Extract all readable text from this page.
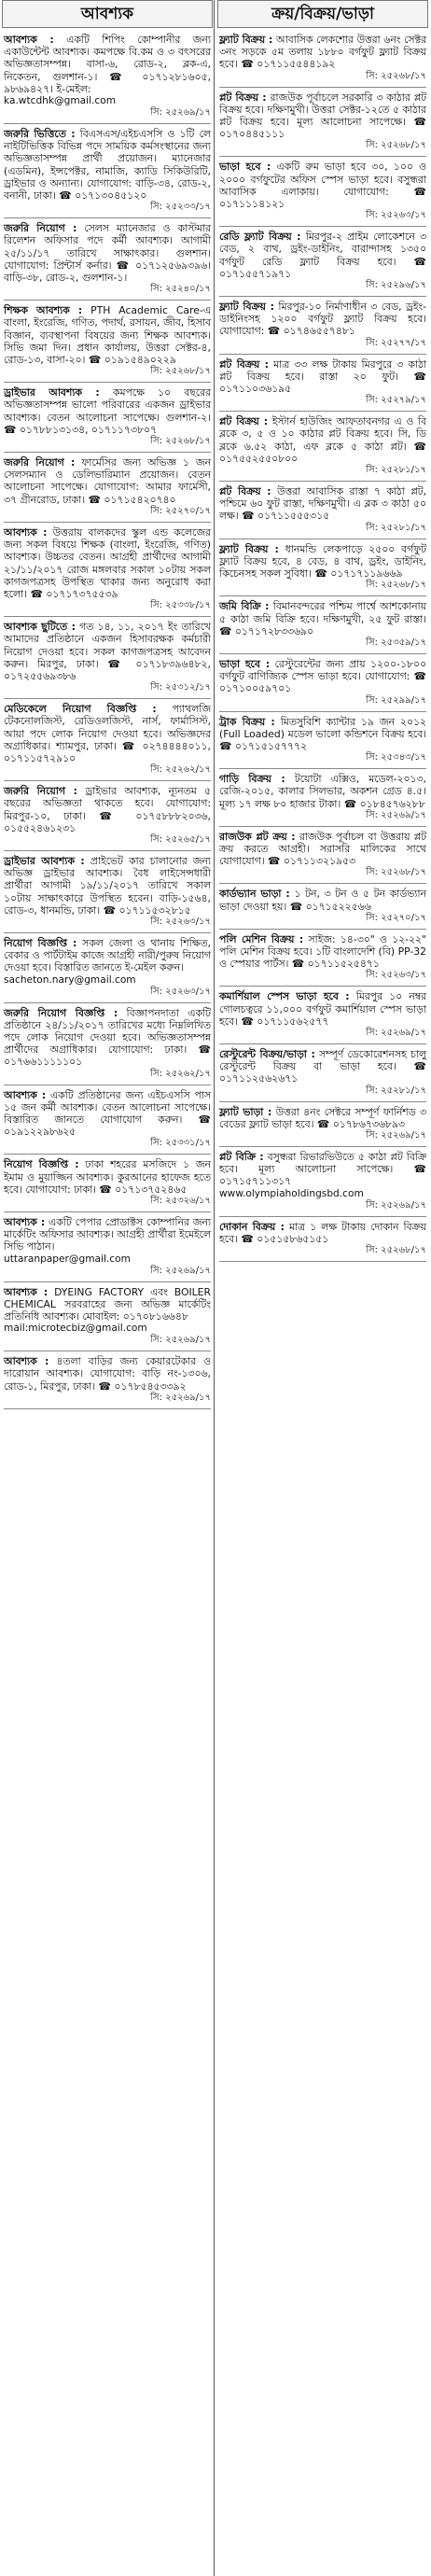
আবশ্যক
আবশ্যক : একটি শিপিং কোম্পানীর জন্য একাউন্টেন্ট আবশ্যক। কমপক্ষে বি.কম ও ৩ বৎসরের অভিজ্ঞতাসম্পন্ন। বাসা-৬, রোড-২, ব্লক-এ, নিকেতন, গুলশান-১। ☎ ০১৭১২৮১৬০৫, ৯৮৬৯৪২৭। ই-মেইল:
ka.wtcdhk@gmail.com
সি: ২৫২৬৯/১৭
জরুরি ভিত্তিতে : বিএসএস/এইচএসসি ও ১টি লে নাইটিভিত্তিক বিভিন্ন পদে সাময়িক কর্মসংস্থানের জন্য অভিজ্ঞতাসম্পন্ন প্রার্থী প্রয়োজন। ম্যানেজার (এডমিন), ইন্সপেক্টর, নামাজি, ক্যাডি সিকিউরিটি, ড্রাইভার ও অন্যান্য। যোগাযোগ: বাড়ি-৩৪, রোড-২, বনানী, ঢাকা। ☎ ০১৭১৩০৪৫১২০
সি: ২৫২৩৩/১৭
জরুরি নিয়োগ : সেলস ম্যানেজার ও কাস্টমার রিলেশন অফিসার পদে কর্মী আবশ্যক। আগামী ২৫/১১/১৭ তারিখে সাক্ষাৎকার। গুলশান। যোগাযোগ: প্রিন্টার্স কর্নার। ☎ ০১৭১২৫৬৯৩৯৬। বাড়ি-৩৮, রোড-২, গুলশান-১।
সি: ২৫২৪০/১৭
শিক্ষক আবশ্যক : PTH Academic Care-এ বাংলা, ইংরেজি, গণিত, পদার্থ, রসায়ন, জীব, হিসাব বিজ্ঞান, ব্যবস্থাপনা বিষয়ের জন্য শিক্ষক আবশ্যক। সিভি জমা দিন। প্রধান কার্যালয়, উত্তরা সেক্টর-৪, রোড-১৩, বাসা-২০। ☎ ০১৯১৫৪৯০২২৯
সি: ২৫২৬৮/১৭
ড্রাইভার আবশ্যক : কমপক্ষে ১০ বছরের অভিজ্ঞতাসম্পন্ন ভালো পরিবারের একজন ড্রাইভার আবশ্যক। বেতন আলোচনা সাপেক্ষে। গুলশান-২। ☎ ০১৭৮৮১৩১৩৪, ০১৭১১৭৩৮০৭
সি: ২৫২৬৮/১৭
জরুরি নিয়োগ : ফার্মেসির জন্য অভিজ্ঞ ১ জন সেলসম্যান ও ডেলিভারিম্যান প্রয়োজন। বেতন আলোচনা সাপেক্ষে। যোগাযোগ: আমার ফার্মেসী, ৩৭ গ্রীনরোড, ঢাকা। ☎ ০১৭১৫৪২০৭৪০
সি: ২৫২৭০/১৭
আবশ্যক : উত্তরায় বালকদের স্কুল এন্ড কলেজের জন্য সকল বিষয়ে শিক্ষক (বাংলা, ইংরেজি, গণিত) আবশ্যক। উচ্চতর বেতন। আগ্রহী প্রার্থীদের আগামী ২১/১১/২০১৭ রোজ মঙ্গলবার সকাল ১০টায় সকল কাগজপত্রসহ উপস্থিত থাকার জন্য অনুরোধ করা হলো। ☎ ০১৭১৭৩৭৫৫৩৯
সি: ২৫৩৩৮/১৭
আবশ্যক ছুটিতে : গত ১৪, ১১, ২০১৭ ইং তারিখে আমাদের প্রতিষ্ঠানে একজন হিসাবরক্ষক কর্মচারী নিয়োগ দেওয়া হবে। সকল কাগজপত্রসহ আবেদন করুন। মিরপুর, ঢাকা। ☎ ০১৭১৮৩৯৬৪৮২, ০১৭২৫৫৬৯৩৮৬
সি: ২৫৩১২/১৭
মেডিকেলে নিয়োগ বিজ্ঞপ্তি : প্যাথলজি টেকনোলজিস্ট, রেডিওলজিস্ট, নার্স, ফার্মাসিস্ট, আয়া পদে লোক নিয়োগ দেওয়া হবে। অভিজ্ঞদের অগ্রাধিকার। শ্যামপুর, ঢাকা। ☎ ০২৭৪৪৪৪০১১, ০১৭১১৫৭২৯১০
সি: ২৫২৬২/১৭
জরুরি নিয়োগ : ড্রাইভার আবশ্যক, ন্যূনতম ৫ বছরের অভিজ্ঞতা থাকতে হবে। যোগাযোগ: মিরপুর-১০, ঢাকা। ☎ ০১৭৫৮৮৮২০৩৬, ০১৫৫২৪৬১২৩১
সি: ২৫২৬৫/১৭
ড্রাইভার আবশ্যক : প্রাইভেট কার চালানোর জন্য অভিজ্ঞ ড্রাইভার আবশ্যক। বৈধ লাইসেন্সধারী প্রার্থীরা আগামী ১৯/১১/২০১৭ তারিখে সকাল ১০টায় সাক্ষাৎকারে উপস্থিত হবেন। বাড়ি-১৫৬৪, রোড-৩, ধানমন্ডি, ঢাকা। ☎ ০১৭১১৫৩২৮১৫
সি: ২৫২৬৩/১৭
নিয়োগ বিজ্ঞপ্তি : সকল জেলা ও থানায় শিক্ষিত, বেকার ও পার্টটাইম কাজে আগ্রহী নারী/পুরুষ নিয়োগ দেওয়া হবে। বিস্তারিত জানতে ই-মেইল করুন।
sacheton.nary@gmail.com
সি: ২৫২৬৩/১৭
জরুরি নিয়োগ বিজ্ঞপ্তি : বিজ্ঞাপনদাতা একটি প্রতিষ্ঠানে ২৪/১১/২০১৭ তারিখের মধ্যে নিম্নলিখিত পদে লোক নিয়োগ দেওয়া হবে। অভিজ্ঞতাসম্পন্ন প্রার্থীদের অগ্রাধিকার। যোগাযোগ: ঢাকা। ☎ ০১৭৬৬১১১১১০১
সি: ২৫২৬২/১৭
আবশ্যক : একটি প্রতিষ্ঠানের জন্য এইচএসসি পাস ১৫ জন কর্মী আবশ্যক। বেতন আলোচনা সাপেক্ষে। বিস্তারিত জানতে যোগাযোগ করুন। ☎ ০১৯১২২৯৮৬২৫
সি: ২৫৩৩১/১৭
নিয়োগ বিজ্ঞপ্তি : ঢাকা শহরের মসজিদে ১ জন ইমাম ও মুয়াজ্জিন আবশ্যক। কুরআনের হাফেজ হতে হবে। যোগাযোগ: ঢাকা। ☎ ০১৭১৩৭৫২৪৬৫
সি: ২৫৩২৬/১৭
আবশ্যক : একটি পেপার প্রোডাক্টস কোম্পানির জন্য মার্কেটিং অফিসার আবশ্যক। আগ্রহী প্রার্থীরা ইমেইলে সিভি পাঠান।
uttaranpaper@gmail.com
সি: ২৫২৬৯/১৭
আবশ্যক : DYEING FACTORY এবং BOILER CHEMICAL সরবরাহের জন্য অভিজ্ঞ মার্কেটিং প্রতিনিধি আবশ্যক। মোবাইল: ০১৭০৮১৬৬৪৮
mail:microtecbiz@gmail.com
সি: ২৫২৬৯/১৭
আবশ্যক : ৪তলা বাড়ির জন্য কেয়ারটেকার ও দারোয়ান আবশ্যক। যোগাযোগ: বাড়ি নং-১৩০৬, রোড-১, মিরপুর, ঢাকা। ☎ ০১৭৮৫৪৫৩৩৯২
সি: ২৫২৬৯/১৭
ক্রয়/বিক্রয়/ভাড়া
ফ্ল্যাট বিক্রয় : আবাসিক লেকশোর উত্তরা ৬নং সেক্টর ৩নং সড়কে ৫ম তলায় ১৮৮০ বর্গফুট ফ্ল্যাট বিক্রয় হবে। ☎ ০১৭১১৫৫৪৪১৯২
সি: ২৫২৬৮/১৭
প্লট বিক্রয় : রাজউক পূর্বাচলে সরকারি ৩ কাঠার প্লট বিক্রয় হবে। দক্ষিণমুখী। উত্তরা সেক্টর-১২তে ৫ কাঠার প্লট বিক্রয় হবে। মূল্য আলোচনা সাপেক্ষে। ☎ ০১৭০৪৪৫১১১
সি: ২৫২৬৮/১৭
ভাড়া হবে : একটি রুম ভাড়া হবে ৩০, ১০০ ও ২০০০ বর্গফুটের অফিস স্পেস ভাড়া হবে। বসুন্ধরা আবাসিক এলাকায়। যোগাযোগ: ☎ ০১৭১১১৪১২১
সি: ২৫২৬৩/১৭
রেডি ফ্ল্যাট বিক্রয় : মিরপুর-২ প্রাইম লোকেশনে ৩ বেড, ২ বাথ, ড্রইং-ডাইনিং, বারান্দাসহ ১৩৫০ বর্গফুট রেডি ফ্ল্যাট বিক্রয় হবে। ☎ ০১৭১৫৫৭১৯৭১
সি: ২৫২৯৬/১৭
ফ্ল্যাট বিক্রয় : মিরপুর-১০ নির্মাণাধীন ৩ বেড, ড্রইং-ডাইনিংসহ ১২০০ বর্গফুট ফ্ল্যাট বিক্রয় হবে। যোগাযোগ: ☎ ০১৭৪৬৫৫৭৪৮১
সি: ২৫২৭৭/১৭
প্লট বিক্রয় : মাত্র ৩৩ লক্ষ টাকায় মিরপুরে ৩ কাঠা প্লট বিক্রয় হবে। রাস্তা ২০ ফুট। ☎ ০১৭১১০৩৬১৯৫
সি: ২৫২৭৯/১৭
প্লট বিক্রয় : ইস্টার্ন হাউজিং আফতাবনগর এ ও বি ব্লকে ৩, ৫ ও ১০ কাঠার প্লট বিক্রয় হবে। সি, ডি ব্লকে ৬.৫২ কাঠা, এফ ব্লকে ৫ কাঠা প্লট। ☎ ০১৭৫৫২৫৫০৮০০
সি: ২৫২৮১/১৭
প্লট বিক্রয় : উত্তরা আবাসিক রাস্তা ৭ কাঠা প্লট, পশ্চিমে ৬০ ফুট রাস্তা, দক্ষিণমুখী। এ ব্লক ৩ কাঠা ৫০ লক্ষ। ☎ ০১৭১১৫৫৫৩১৫
সি: ২৫২৮১/১৭
ফ্ল্যাট বিক্রয় : ধানমন্ডি লেকপাড়ে ২৫০০ বর্গফুট ফ্ল্যাট বিক্রয় হবে, ৪ বেড, ৪ বাথ, ড্রইং, ডাইনিং, কিচেনসহ সকল সুবিধা। ☎ ০১৭১৭১১৯৬৬৯
সি: ২৫২৬৮/১৭
জমি বিক্রি : বিমানবন্দরের পশ্চিম পার্শ্বে আশকোনায় ৫ কাঠা জমি বিক্রি হবে। দক্ষিণমুখী, ২৫ ফুট রাস্তা। ☎ ০১৭১৭২৮৩৩৬৯০
সি: ২৫৩৫৯/১৭
ভাড়া হবে : রেস্টুরেন্টের জন্য প্রায় ১২০০-১৮০০ বর্গফুট বাণিজ্যিক স্পেস ভাড়া হবে। যোগাযোগ: ☎ ০১৭১০০৫৯৭০১
সি: ২৫২৯৯/১৭
ট্রাক বিক্রয় : মিতসুবিশি ক্যান্টার ১৯ জন ২০১২ (Full Loaded) মডেল ভালো কন্ডিশনে বিক্রয় হবে। ☎ ০১৭১৫১৫৭৭৭২
সি: ২৫৩৪৩/১৭
গাড়ি বিক্রয় : টয়োটা এক্সিও, মডেল-২০১৩, রেজি-২০১৫, কালার সিলভার, অকশন গ্রেড ৪.৫। মূল্য ১৭ লক্ষ ৮০ হাজার টাকা। ☎ ০১৮৪৫৭৬২৮৮
সি: ২৫২৬৯/১৭
রাজউক প্লট ক্রয় : রাজউক পূর্বাচল বা উত্তরায় প্লট ক্রয় করতে আগ্রহী। সরাসরি মালিকের সাথে যোগাযোগ। ☎ ০১৭১১৩২১৯৫৩
সি: ২৫২৬৮/১৭
কার্ডভ্যান ভাড়া : ১ টন, ৩ টন ও ৫ টন কার্ডভ্যান ভাড়া দেওয়া হয়। ☎ ০১৭১৫২২৫৬৬
সি: ২৫২৭০/১৭
পলি মেশিন বিক্রয় : সাইজ: ১৪-৩০" ও ১২-২২" পলি মেশিন বিক্রয় হবে। ১টি বাংলাদেশি (বি) PP-32 ও স্পেয়ার পার্টস। ☎ ০১৭১১৫২৫৪৭১
সি: ২৫২৬৩/১৭
কমার্শিয়াল স্পেস ভাড়া হবে : মিরপুর ১০ নম্বর গোলচত্বরে ১১,০০০ বর্গফুট কমার্শিয়াল স্পেস ভাড়া হবে। ☎ ০১৭১১৫৬২৫৭৭
সি: ২৫২৬৯/১৭
রেস্টুরেন্ট বিক্রয়/ভাড়া : সম্পূর্ণ ডেকোরেশনসহ চালু রেস্টুরেন্ট বিক্রয় বা ভাড়া হবে। ☎ ০১৭১১২৫৬২৬৭১
সি: ২৫২৮১/১৭
ফ্ল্যাট ভাড়া : উত্তরা ৪নং সেক্টরে সম্পূর্ণ ফার্নিশড ৩ বেডের ফ্ল্যাট ভাড়া হবে। ☎ ০১৭৮৬৭৩৬৮৯৩
সি: ২৫২৬৯/১৭
প্লট বিক্রি : বসুন্ধরা রিভারভিউতে ৫ কাঠা প্লট বিক্রি হবে। মূল্য আলোচনা সাপেক্ষে। ☎ ০১৭১৫৭১১৩১৭
www.olympiaholdingsbd.com
সি: ২৫২৬৯/১৭
দোকান বিক্রয় : মাত্র ১ লক্ষ টাকায় দোকান বিক্রয় হবে। ☎ ০১৫১৫৮৬৫১৫১
সি: ২৫২৬৮/১৭
